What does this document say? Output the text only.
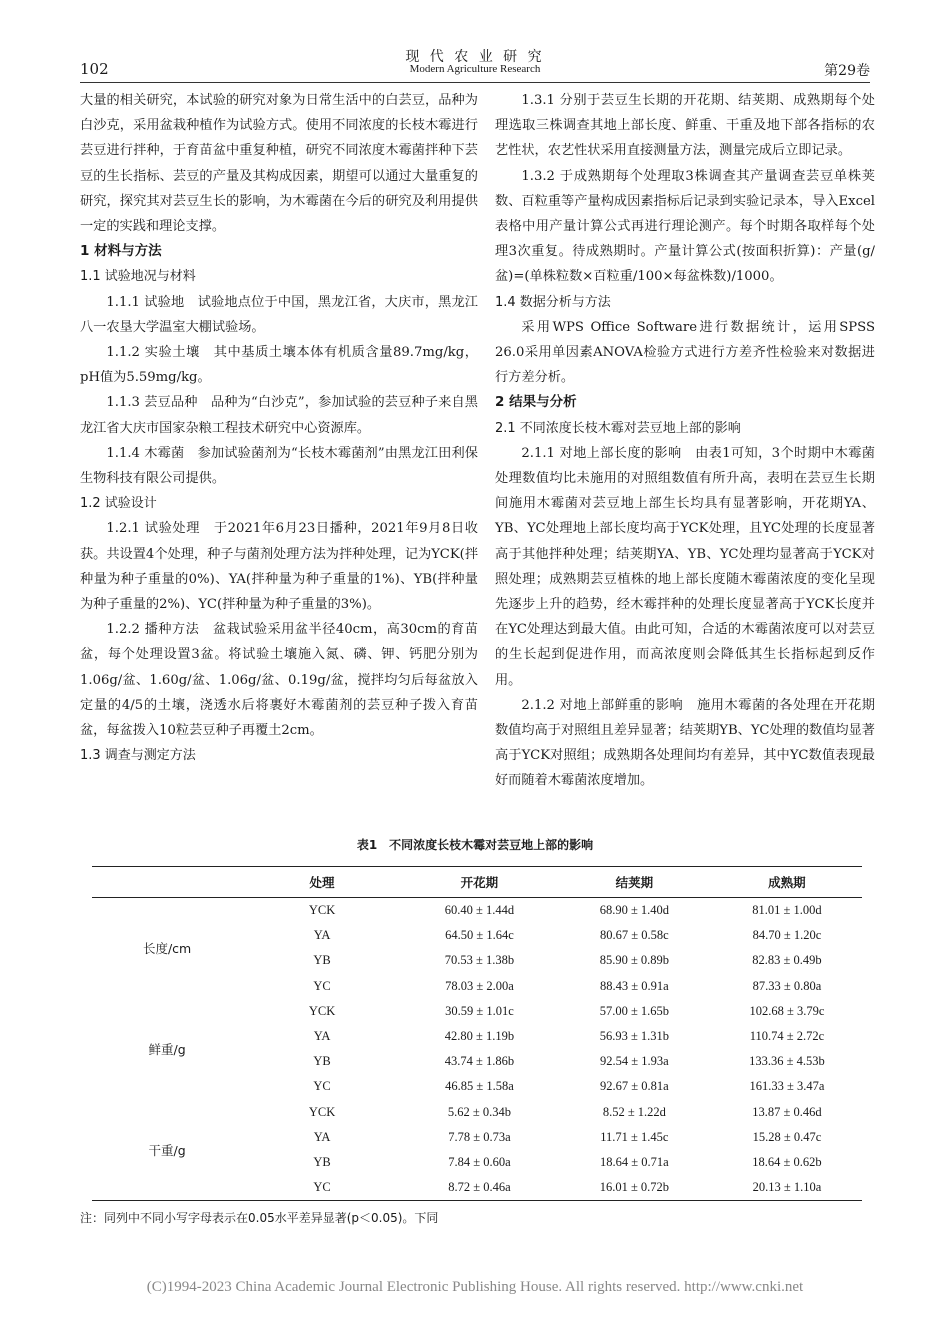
102
现 代 农 业 研 究
Modern Agriculture Research	第29卷

大量的相关研究，本试验的研究对象为日常生活中的白芸豆，品种为白沙克，采用盆栽种植作为试验方式。使用不同浓度的长枝木霉进行芸豆进行拌种，于育苗盆中重复种植，研究不同浓度木霉菌拌种下芸豆的生长指标、芸豆的产量及其构成因素，期望可以通过大量重复的研究，探究其对芸豆生长的影响，为木霉菌在今后的研究及利用提供一定的实践和理论支撑。

1 材料与方法

1.1 试验地况与材料

1.1.1 试验地　试验地点位于中国，黑龙江省，大庆市，黑龙江八一农垦大学温室大棚试验场。

1.1.2 实验土壤　其中基质土壤本体有机质含量89.7mg/kg，pH值为5.59mg/kg。

1.1.3 芸豆品种　品种为“白沙克”，参加试验的芸豆种子来自黑龙江省大庆市国家杂粮工程技术研究中心资源库。

1.1.4 木霉菌　参加试验菌剂为“长枝木霉菌剂”由黑龙江田利保生物科技有限公司提供。

1.2 试验设计

1.2.1 试验处理　于2021年6月23日播种，2021年9月8日收获。共设置4个处理，种子与菌剂处理方法为拌种处理，记为YCK(拌种量为种子重量的0%)、YA(拌种量为种子重量的1%)、YB(拌种量为种子重量的2%)、YC(拌种量为种子重量的3%)。

1.2.2 播种方法　盆栽试验采用盆半径40cm，高30cm的育苗盆，每个处理设置3盆。将试验土壤施入氮、磷、钾、钙肥分别为1.06g/盆、1.60g/盆、1.06g/盆、0.19g/盆，搅拌均匀后每盆放入定量的4/5的土壤，浇透水后将裹好木霉菌剂的芸豆种子拨入育苗盆，每盆拨入10粒芸豆种子再覆土2cm。

1.3 调查与测定方法

1.3.1 分别于芸豆生长期的开花期、结荚期、成熟期每个处理选取三株调查其地上部长度、鲜重、干重及地下部各指标的农艺性状，农艺性状采用直接测量方法，测量完成后立即记录。

1.3.2 于成熟期每个处理取3株调查其产量调查芸豆单株荚数、百粒重等产量构成因素指标后记录到实验记录本，导入Excel表格中用产量计算公式再进行理论测产。每个时期各取样每个处理3次重复。待成熟期时。产量计算公式(按面积折算)：产量(g/盆)=(单株粒数×百粒重/100×每盆株数)/1000。

1.4 数据分析与方法

采用WPS Office Software进行数据统计，运用SPSS 26.0采用单因素ANOVA检验方式进行方差齐性检验来对数据进行方差分析。

2 结果与分析

2.1 不同浓度长枝木霉对芸豆地上部的影响

2.1.1 对地上部长度的影响　由表1可知，3个时期中木霉菌处理数值均比未施用的对照组数值有所升高，表明在芸豆生长期间施用木霉菌对芸豆地上部生长均具有显著影响，开花期YA、YB、YC处理地上部长度均高于YCK处理，且YC处理的长度显著高于其他拌种处理；结荚期YA、YB、YC处理均显著高于YCK对照处理；成熟期芸豆植株的地上部长度随木霉菌浓度的变化呈现先逐步上升的趋势，经木霉拌种的处理长度显著高于YCK长度并在YC处理达到最大值。由此可知，合适的木霉菌浓度可以对芸豆的生长起到促进作用，而高浓度则会降低其生长指标起到反作用。

2.1.2 对地上部鲜重的影响　施用木霉菌的各处理在开花期数值均高于对照组且差异显著；结荚期YB、YC处理的数值均显著高于YCK对照组；成熟期各处理间均有差异，其中YC数值表现最好而随着木霉菌浓度增加。

表1　不同浓度长枝木霉对芸豆地上部的影响
	处理	开花期	结荚期	成熟期
长度/cm	YCK	60.40 ± 1.44d	68.90 ± 1.40d	81.01 ± 1.00d
	YA	64.50 ± 1.64c	80.67 ± 0.58c	84.70 ± 1.20c
	YB	70.53 ± 1.38b	85.90 ± 0.89b	82.83 ± 0.49b
	YC	78.03 ± 2.00a	88.43 ± 0.91a	87.33 ± 0.80a
鲜重/g	YCK	30.59 ± 1.01c	57.00 ± 1.65b	102.68 ± 3.79c
	YA	42.80 ± 1.19b	56.93 ± 1.31b	110.74 ± 2.72c
	YB	43.74 ± 1.86b	92.54 ± 1.93a	133.36 ± 4.53b
	YC	46.85 ± 1.58a	92.67 ± 0.81a	161.33 ± 3.47a
干重/g	YCK	5.62 ± 0.34b	8.52 ± 1.22d	13.87 ± 0.46d
	YA	7.78 ± 0.73a	11.71 ± 1.45c	15.28 ± 0.47c
	YB	7.84 ± 0.60a	18.64 ± 0.71a	18.64 ± 0.62b
	YC	8.72 ± 0.46a	16.01 ± 0.72b	20.13 ± 1.10a
注：同列中不同小写字母表示在0.05水平差异显著(p＜0.05)。下同
(C)1994-2023 China Academic Journal Electronic Publishing House. All rights reserved. http://www.cnki.net
